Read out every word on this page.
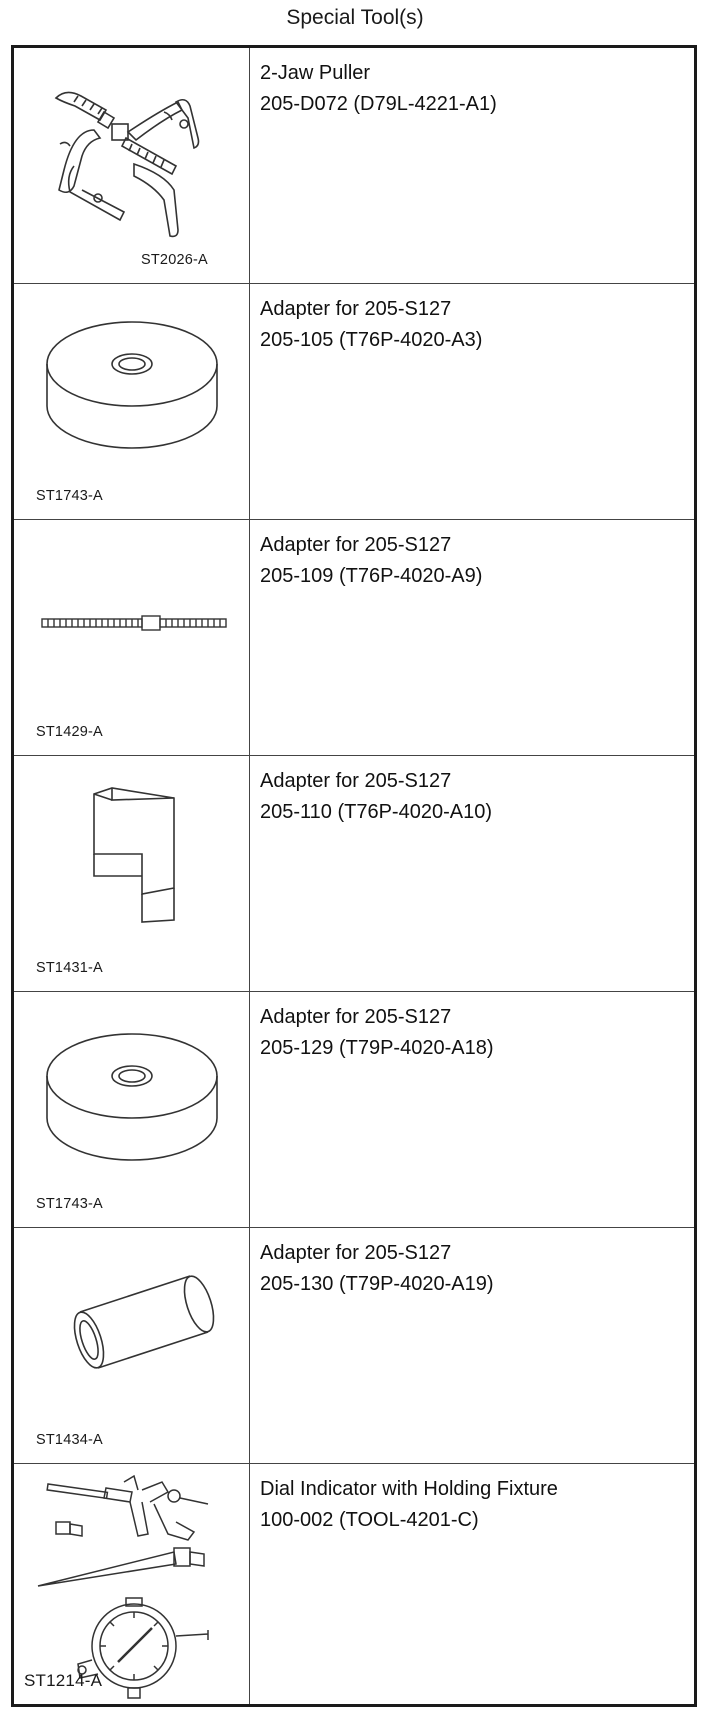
Special Tool(s)
ST2026-A
2-Jaw Puller
205-D072 (D79L-4221-A1)
ST1743-A
Adapter for 205-S127
205-105 (T76P-4020-A3)
ST1429-A
Adapter for 205-S127
205-109 (T76P-4020-A9)
ST1431-A
Adapter for 205-S127
205-110 (T76P-4020-A10)
ST1743-A
Adapter for 205-S127
205-129 (T79P-4020-A18)
ST1434-A
Adapter for 205-S127
205-130 (T79P-4020-A19)
ST1214-A
Dial Indicator with Holding Fixture
100-002 (TOOL-4201-C)
